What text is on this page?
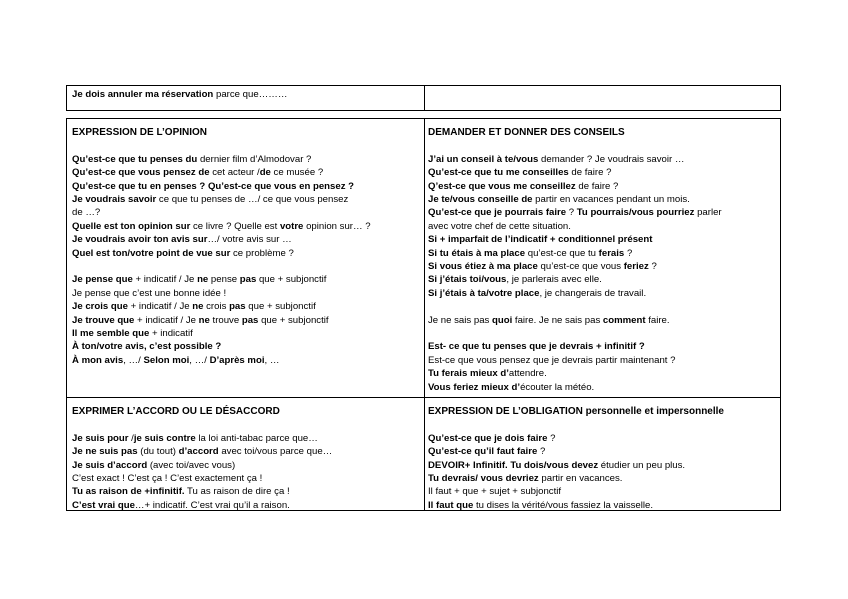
Je dois annuler ma réservation parce que………
EXPRESSION DE L’OPINION
Qu’est-ce que tu penses du dernier film d’Almodovar ?
Qu’est-ce que vous pensez de cet acteur /de ce musée ?
Qu’est-ce que tu en penses ? Qu’est-ce que vous en pensez ?
Je voudrais savoir ce que tu penses de …/ ce que vous pensez
de …?
Quelle est ton opinion sur ce livre ? Quelle est votre opinion sur… ?
Je voudrais avoir ton avis sur…/ votre avis sur …
Quel est ton/votre point de vue sur ce problème ?
Je pense que + indicatif / Je ne pense pas que + subjonctif
Je pense que c’est une bonne idée !
Je crois que + indicatif / Je ne crois pas que + subjonctif
Je trouve que + indicatif / Je ne trouve pas que + subjonctif
Il me semble que + indicatif
À ton/votre avis, c’est possible ?
À mon avis, …/ Selon moi, …/ D’après moi, …
DEMANDER ET DONNER DES CONSEILS
J’ai un conseil à te/vous demander ? Je voudrais savoir …
Qu’est-ce que tu me conseilles de faire ?
Q’est-ce que vous me conseillez de faire ?
Je te/vous conseille de partir en vacances pendant un mois.
Qu’est-ce que je pourrais faire ? Tu pourrais/vous pourriez parler
avec votre chef de cette situation.
Si + imparfait de l’indicatif + conditionnel présent
Si tu étais à ma place qu’est-ce que tu ferais ?
Si vous étiez à ma place qu’est-ce que vous feriez ?
Si j’étais toi/vous, je parlerais avec elle.
Si j’étais à ta/votre place, je changerais de travail.
Je ne sais pas quoi faire. Je ne sais pas comment faire.
Est- ce que tu penses que je devrais + infinitif ?
Est-ce que vous pensez que je devrais partir maintenant ?
Tu ferais mieux d’attendre.
Vous feriez mieux d’écouter la météo.
EXPRIMER L’ACCORD OU LE DÉSACCORD
Je suis pour /je suis contre la loi anti-tabac parce que…
Je ne suis pas (du tout) d’accord avec toi/vous parce que…
Je suis d’accord (avec toi/avec vous)
C’est exact ! C’est ça ! C’est exactement ça !
Tu as raison de +infinitif. Tu as raison de dire ça !
C’est vrai que…+ indicatif. C’est vrai qu’il a raison.
EXPRESSION DE L’OBLIGATION personnelle et impersonnelle
Qu’est-ce que je dois faire ?
Qu’est-ce qu’il faut faire ?
DEVOIR+ Infinitif. Tu dois/vous devez étudier un peu plus.
Tu devrais/ vous devriez partir en vacances.
Il faut + que + sujet + subjonctif
Il faut que tu dises la vérité/vous fassiez la vaisselle.
